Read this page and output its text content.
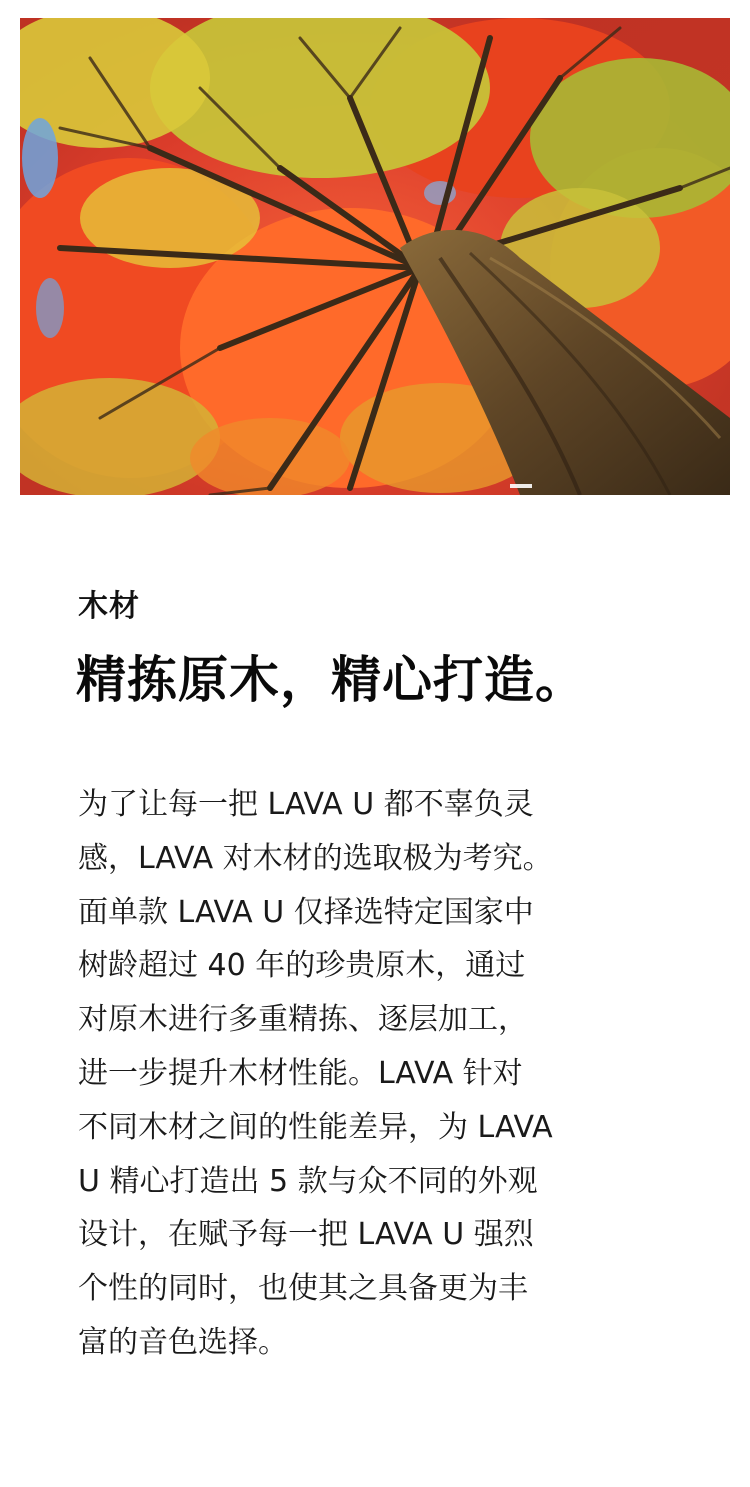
木材
精拣原木，精心打造。
为了让每一把 LAVA U 都不辜负灵
感，LAVA 对木材的选取极为考究。
面单款 LAVA U 仅择选特定国家中
树龄超过 40 年的珍贵原木，通过
对原木进行多重精拣、逐层加工，
进一步提升木材性能。LAVA 针对
不同木材之间的性能差异，为 LAVA
U 精心打造出 5 款与众不同的外观
设计，在赋予每一把 LAVA U 强烈
个性的同时，也使其之具备更为丰
富的音色选择。
